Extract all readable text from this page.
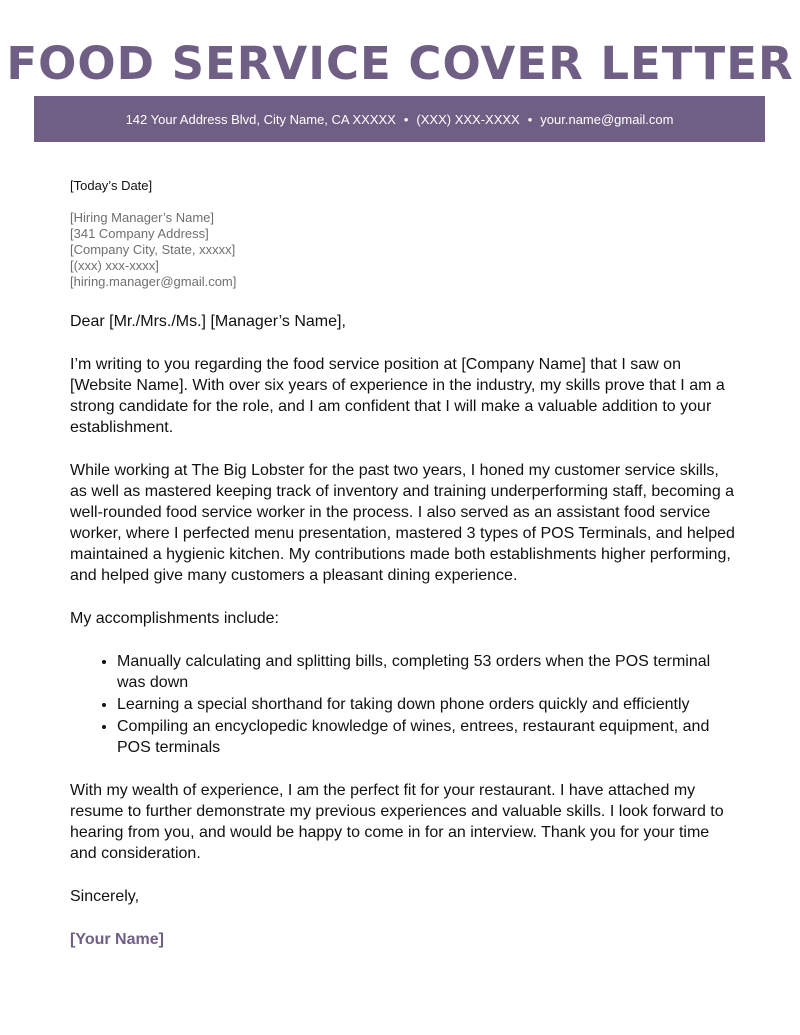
FOOD SERVICE COVER LETTER
142 Your Address Blvd, City Name, CA XXXXX • (XXX) XXX-XXXX • your.name@gmail.com
[Today’s Date]
[Hiring Manager’s Name]
[341 Company Address]
[Company City, State, xxxxx]
[(xxx) xxx-xxxx]
[hiring.manager@gmail.com]

Dear [Mr./Mrs./Ms.] [Manager’s Name],

I’m writing to you regarding the food service position at [Company Name] that I saw on [Website Name]. With over six years of experience in the industry, my skills prove that I am a strong candidate for the role, and I am confident that I will make a valuable addition to your establishment.

While working at The Big Lobster for the past two years, I honed my customer service skills, as well as mastered keeping track of inventory and training underperforming staff, becoming a well-rounded food service worker in the process. I also served as an assistant food service worker, where I perfected menu presentation, mastered 3 types of POS Terminals, and helped maintained a hygienic kitchen. My contributions made both establishments higher performing, and helped give many customers a pleasant dining experience.

My accomplishments include:

• Manually calculating and splitting bills, completing 53 orders when the POS terminal was down
• Learning a special shorthand for taking down phone orders quickly and efficiently
• Compiling an encyclopedic knowledge of wines, entrees, restaurant equipment, and POS terminals

With my wealth of experience, I am the perfect fit for your restaurant. I have attached my resume to further demonstrate my previous experiences and valuable skills. I look forward to hearing from you, and would be happy to come in for an interview. Thank you for your time and consideration.

Sincerely,

[Your Name]
